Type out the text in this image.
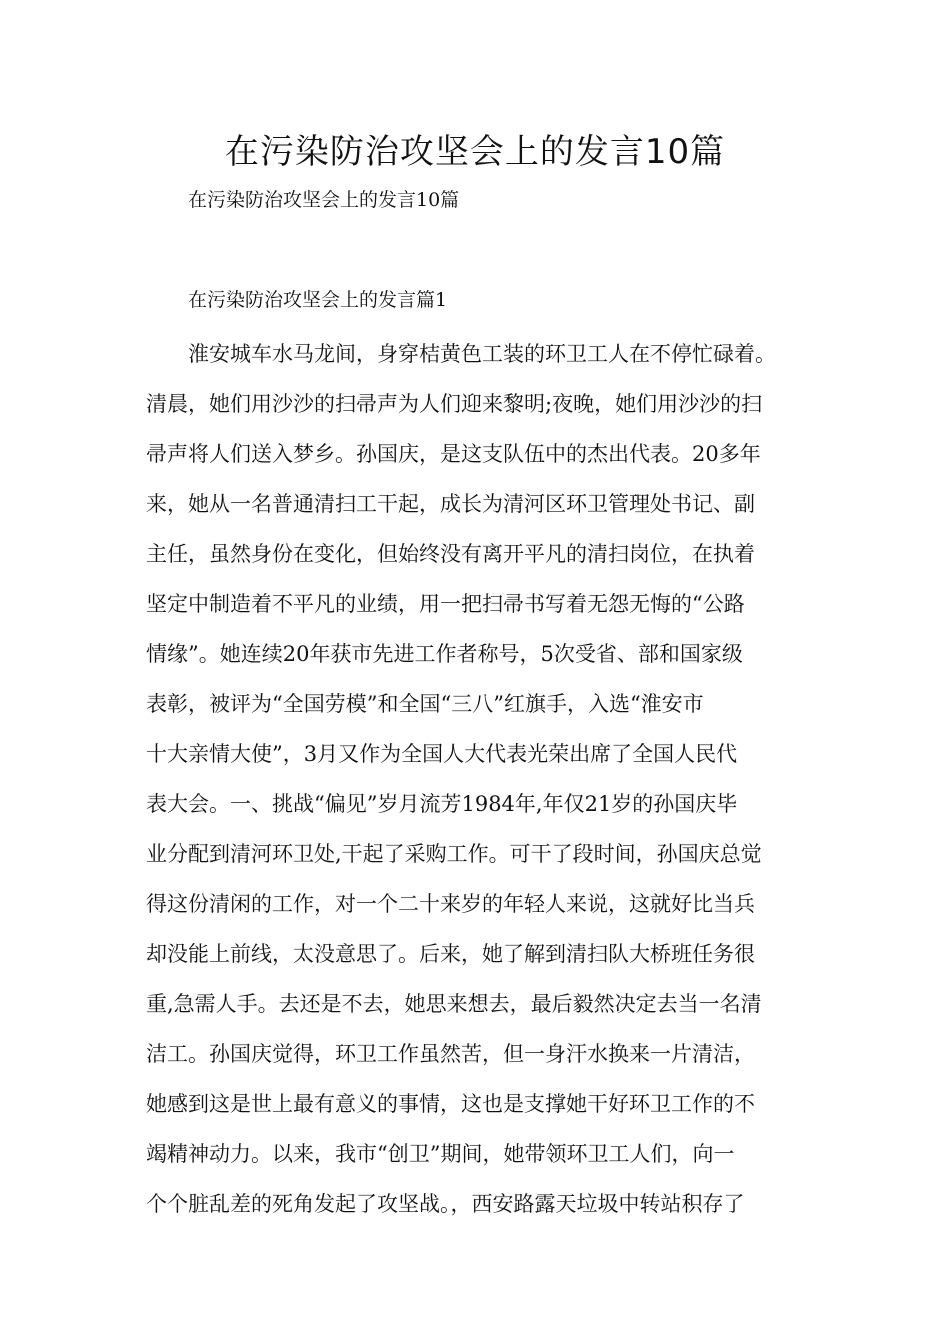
在污染防治攻坚会上的发言10篇

在污染防治攻坚会上的发言10篇

在污染防治攻坚会上的发言篇1
淮安城车水马龙间，身穿桔黄色工装的环卫工人在不停忙碌着。
清晨，她们用沙沙的扫帚声为人们迎来黎明;夜晚，她们用沙沙的扫
帚声将人们送入梦乡。孙国庆，是这支队伍中的杰出代表。20多年
来，她从一名普通清扫工干起，成长为清河区环卫管理处书记、副
主任，虽然身份在变化，但始终没有离开平凡的清扫岗位，在执着
坚定中制造着不平凡的业绩，用一把扫帚书写着无怨无悔的“公路
情缘”。她连续20年获市先进工作者称号，5次受省、部和国家级
表彰，被评为“全国劳模”和全国“三八”红旗手，入选“淮安市
十大亲情大使”，3月又作为全国人大代表光荣出席了全国人民代
表大会。一、挑战“偏见”岁月流芳1984年,年仅21岁的孙国庆毕
业分配到清河环卫处,干起了采购工作。可干了段时间，孙国庆总觉
得这份清闲的工作，对一个二十来岁的年轻人来说，这就好比当兵
却没能上前线，太没意思了。后来，她了解到清扫队大桥班任务很
重,急需人手。去还是不去，她思来想去，最后毅然决定去当一名清
洁工。孙国庆觉得，环卫工作虽然苦，但一身汗水换来一片清洁，
她感到这是世上最有意义的事情，这也是支撑她干好环卫工作的不
竭精神动力。以来，我市“创卫”期间，她带领环卫工人们，向一
个个脏乱差的死角发起了攻坚战。，西安路露天垃圾中转站积存了
